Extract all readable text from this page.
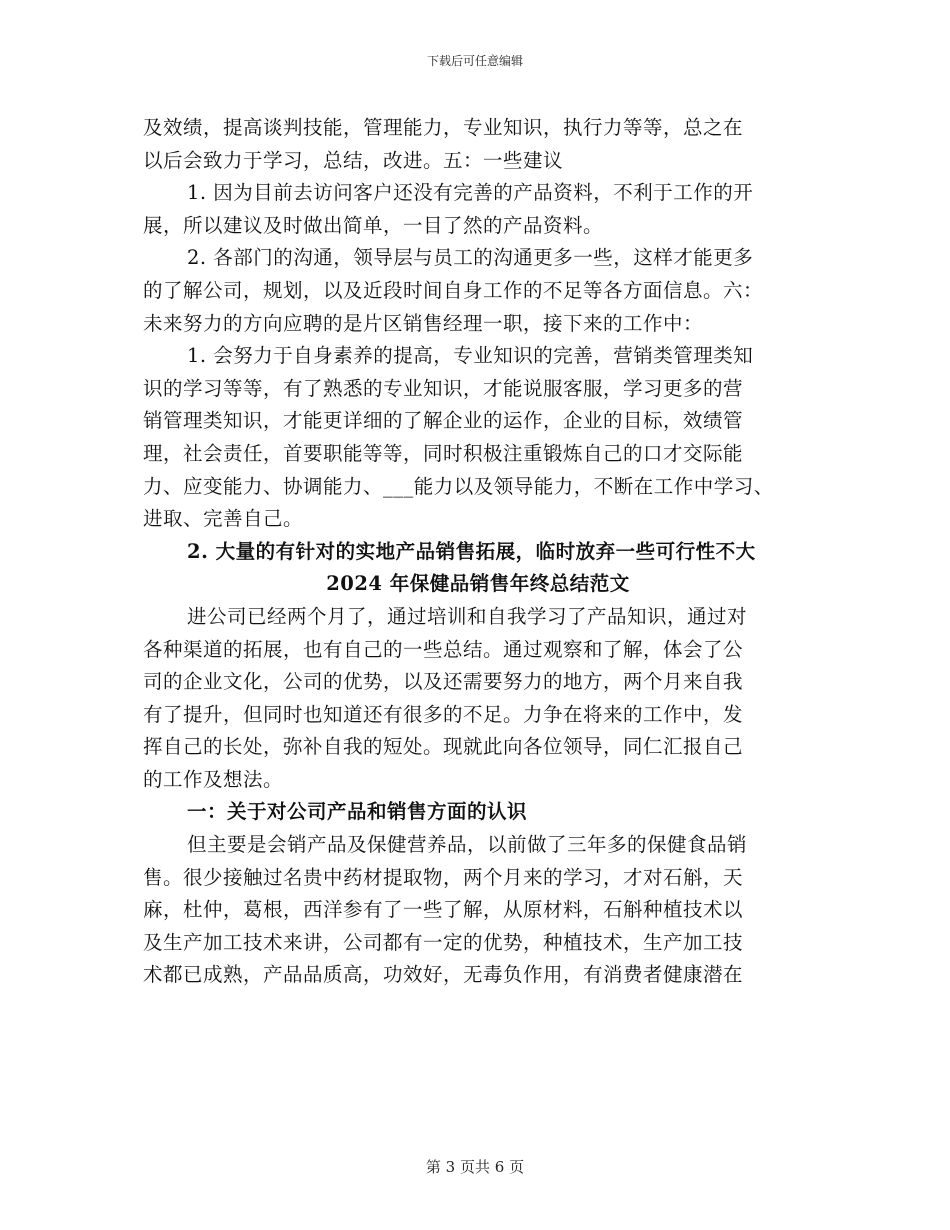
下载后可任意编辑
及效绩，提高谈判技能，管理能力，专业知识，执行力等等，总之在
以后会致力于学习，总结，改进。五：一些建议
1. 因为目前去访问客户还没有完善的产品资料，不利于工作的开
展，所以建议及时做出简单，一目了然的产品资料。
2. 各部门的沟通，领导层与员工的沟通更多一些，这样才能更多
的了解公司，规划，以及近段时间自身工作的不足等各方面信息。六：
未来努力的方向应聘的是片区销售经理一职，接下来的工作中：
1. 会努力于自身素养的提高，专业知识的完善，营销类管理类知
识的学习等等，有了熟悉的专业知识，才能说服客服，学习更多的营
销管理类知识，才能更详细的了解企业的运作，企业的目标，效绩管
理，社会责任，首要职能等等，同时积极注重锻炼自己的口才交际能
力、应变能力、协调能力、___能力以及领导能力，不断在工作中学习、
进取、完善自己。
2. 大量的有针对的实地产品销售拓展，临时放弃一些可行性不大
2024 年保健品销售年终总结范文
进公司已经两个月了，通过培训和自我学习了产品知识，通过对
各种渠道的拓展，也有自己的一些总结。通过观察和了解，体会了公
司的企业文化，公司的优势，以及还需要努力的地方，两个月来自我
有了提升，但同时也知道还有很多的不足。力争在将来的工作中，发
挥自己的长处，弥补自我的短处。现就此向各位领导，同仁汇报自己
的工作及想法。
一：关于对公司产品和销售方面的认识
但主要是会销产品及保健营养品，以前做了三年多的保健食品销
售。很少接触过名贵中药材提取物，两个月来的学习，才对石斛，天
麻，杜仲，葛根，西洋参有了一些了解，从原材料，石斛种植技术以
及生产加工技术来讲，公司都有一定的优势，种植技术，生产加工技
术都已成熟，产品品质高，功效好，无毒负作用，有消费者健康潜在
第 3 页共 6 页
